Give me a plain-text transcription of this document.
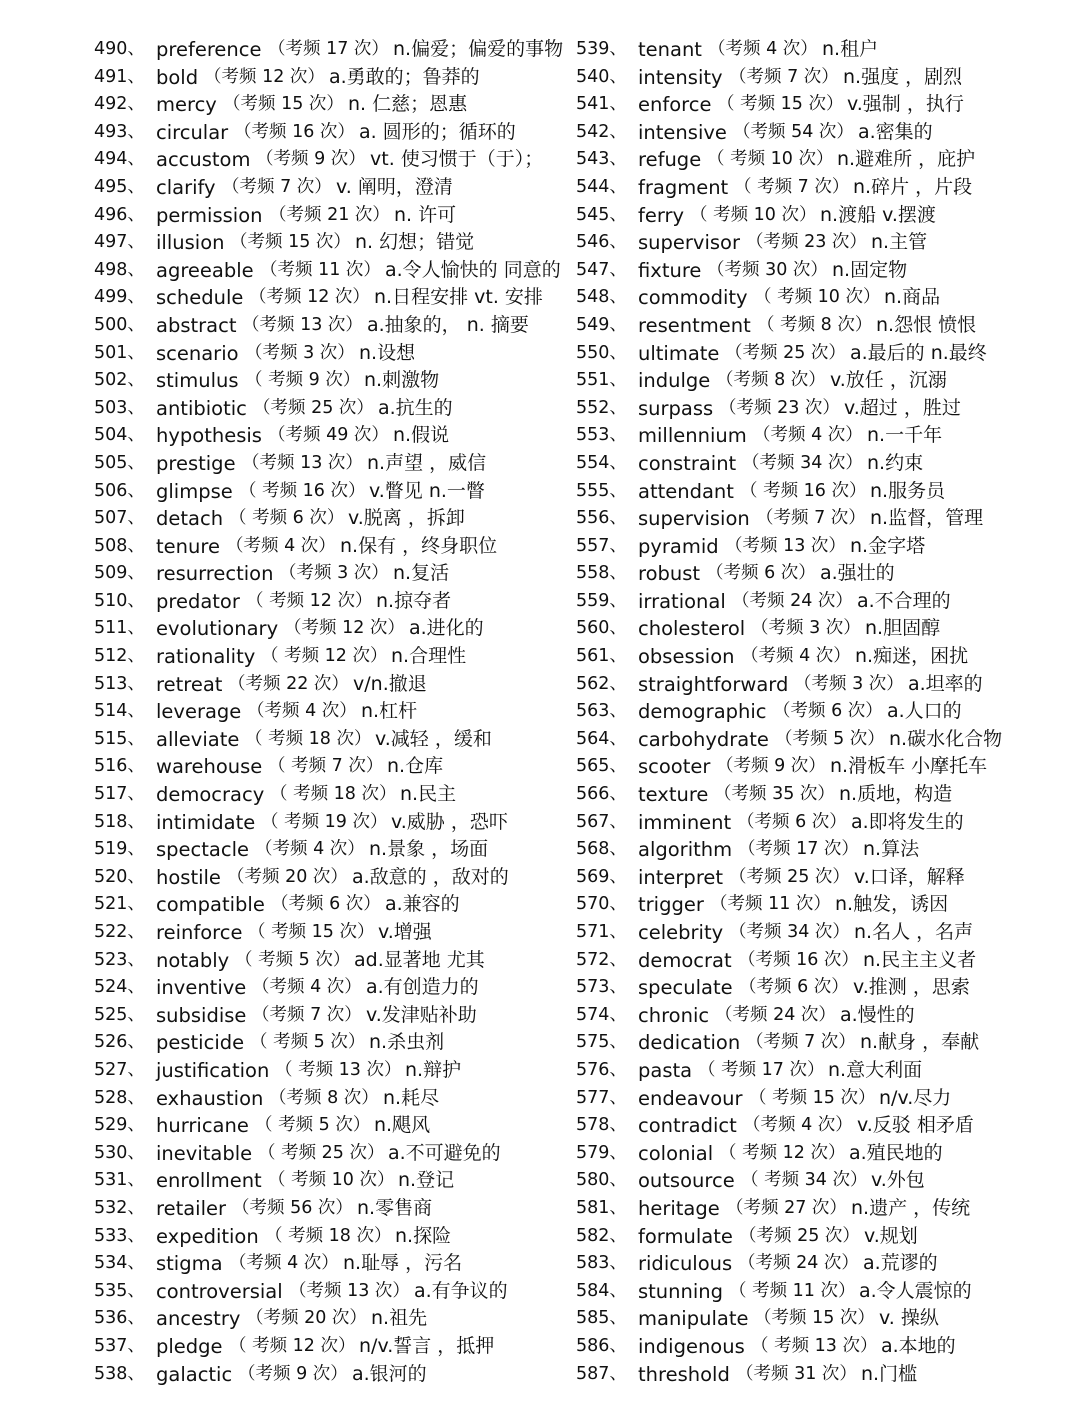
490、 preference （考频 17 次） n.偏爱；偏爱的事物
491、 bold （考频 12 次） a.勇敢的；鲁莽的
492、 mercy （考频 15 次） n. 仁慈；恩惠
493、 circular （考频 16 次） a. 圆形的；循环的
494、 accustom （考频 9 次） vt. 使习惯于（于）；
495、 clarify （考频 7 次） v. 阐明，澄清
496、 permission （考频 21 次） n. 许可
497、 illusion （考频 15 次） n. 幻想；错觉
498、 agreeable （考频 11 次） a.令人愉快的 同意的
499、 schedule （考频 12 次） n.日程安排 vt. 安排
500、 abstract （考频 13 次） a.抽象的， n. 摘要
501、 scenario （考频 3 次） n.设想
502、 stimulus （ 考频 9 次） n.刺激物
503、 antibiotic （考频 25 次） a.抗生的
504、 hypothesis （考频 49 次） n.假说
505、 prestige （考频 13 次） n.声望 ，威信
506、 glimpse （ 考频 16 次） v.瞥见 n.一瞥
507、 detach （ 考频 6 次） v.脱离 ，拆卸
508、 tenure （考频 4 次） n.保有 ，终身职位
509、 resurrection （考频 3 次） n.复活
510、 predator （ 考频 12 次） n.掠夺者
511、 evolutionary （考频 12 次） a.进化的
512、 rationality （ 考频 12 次） n.合理性
513、 retreat （考频 22 次） v/n.撤退
514、 leverage （考频 4 次） n.杠杆
515、 alleviate （ 考频 18 次） v.减轻 ，缓和
516、 warehouse （ 考频 7 次） n.仓库
517、 democracy （ 考频 18 次） n.民主
518、 intimidate （ 考频 19 次） v.威胁 ，恐吓
519、 spectacle （考频 4 次） n.景象 ，场面
520、 hostile （考频 20 次） a.敌意的 ，敌对的
521、 compatible （考频 6 次） a.兼容的
522、 reinforce （ 考频 15 次） v.增强
523、 notably （ 考频 5 次） ad.显著地 尤其
524、 inventive （考频 4 次） a.有创造力的
525、 subsidise （考频 7 次） v.发津贴补助
526、 pesticide （ 考频 5 次） n.杀虫剂
527、 justification （ 考频 13 次） n.辩护
528、 exhaustion （考频 8 次） n.耗尽
529、 hurricane （ 考频 5 次） n.飓风
530、 inevitable （ 考频 25 次） a.不可避免的
531、 enrollment （ 考频 10 次） n.登记
532、 retailer （考频 56 次） n.零售商
533、 expedition （ 考频 18 次） n.探险
534、 stigma （考频 4 次） n.耻辱 ，污名
535、 controversial （考频 13 次） a.有争议的
536、 ancestry （考频 20 次） n.祖先
537、 pledge （ 考频 12 次） n/v.誓言 ，抵押
538、 galactic （考频 9 次） a.银河的
539、 tenant （考频 4 次） n.租户
540、 intensity （考频 7 次） n.强度 ，剧烈
541、 enforce （ 考频 15 次） v.强制 ，执行
542、 intensive （考频 54 次） a.密集的
543、 refuge （ 考频 10 次） n.避难所 ，庇护
544、 fragment （ 考频 7 次） n.碎片 ，片段
545、 ferry （ 考频 10 次） n.渡船 v.摆渡
546、 supervisor （考频 23 次） n.主管
547、 fixture （考频 30 次） n.固定物
548、 commodity （ 考频 10 次） n.商品
549、 resentment （ 考频 8 次） n.怨恨 愤恨
550、 ultimate （考频 25 次） a.最后的 n.最终
551、 indulge （考频 8 次） v.放任 ，沉溺
552、 surpass （考频 23 次） v.超过 ，胜过
553、 millennium （考频 4 次） n.一千年
554、 constraint （考频 34 次） n.约束
555、 attendant （ 考频 16 次） n.服务员
556、 supervision （考频 7 次） n.监督，管理
557、 pyramid （考频 13 次） n.金字塔
558、 robust （考频 6 次） a.强壮的
559、 irrational （考频 24 次） a.不合理的
560、 cholesterol （考频 3 次） n.胆固醇
561、 obsession （考频 4 次） n.痴迷，困扰
562、 straightforward （考频 3 次） a.坦率的
563、 demographic （考频 6 次） a.人口的
564、 carbohydrate （考频 5 次） n.碳水化合物
565、 scooter （考频 9 次） n.滑板车 小摩托车
566、 texture （考频 35 次） n.质地，构造
567、 imminent （考频 6 次） a.即将发生的
568、 algorithm （考频 17 次） n.算法
569、 interpret （考频 25 次） v.口译，解释
570、 trigger （考频 11 次） n.触发，诱因
571、 celebrity （考频 34 次） n.名人 ，名声
572、 democrat （考频 16 次） n.民主主义者
573、 speculate （考频 6 次） v.推测 ，思索
574、 chronic （考频 24 次） a.慢性的
575、 dedication （考频 7 次） n.献身 ，奉献
576、 pasta （ 考频 17 次） n.意大利面
577、 endeavour （ 考频 15 次） n/v.尽力
578、 contradict （考频 4 次） v.反驳 相矛盾
579、 colonial （ 考频 12 次） a.殖民地的
580、 outsource （ 考频 34 次） v.外包
581、 heritage （考频 27 次） n.遗产 ，传统
582、 formulate （考频 25 次） v.规划
583、 ridiculous （考频 24 次） a.荒谬的
584、 stunning （ 考频 11 次） a.令人震惊的
585、 manipulate （考频 15 次） v. 操纵
586、 indigenous （ 考频 13 次） a.本地的
587、 threshold （考频 31 次） n.门槛
